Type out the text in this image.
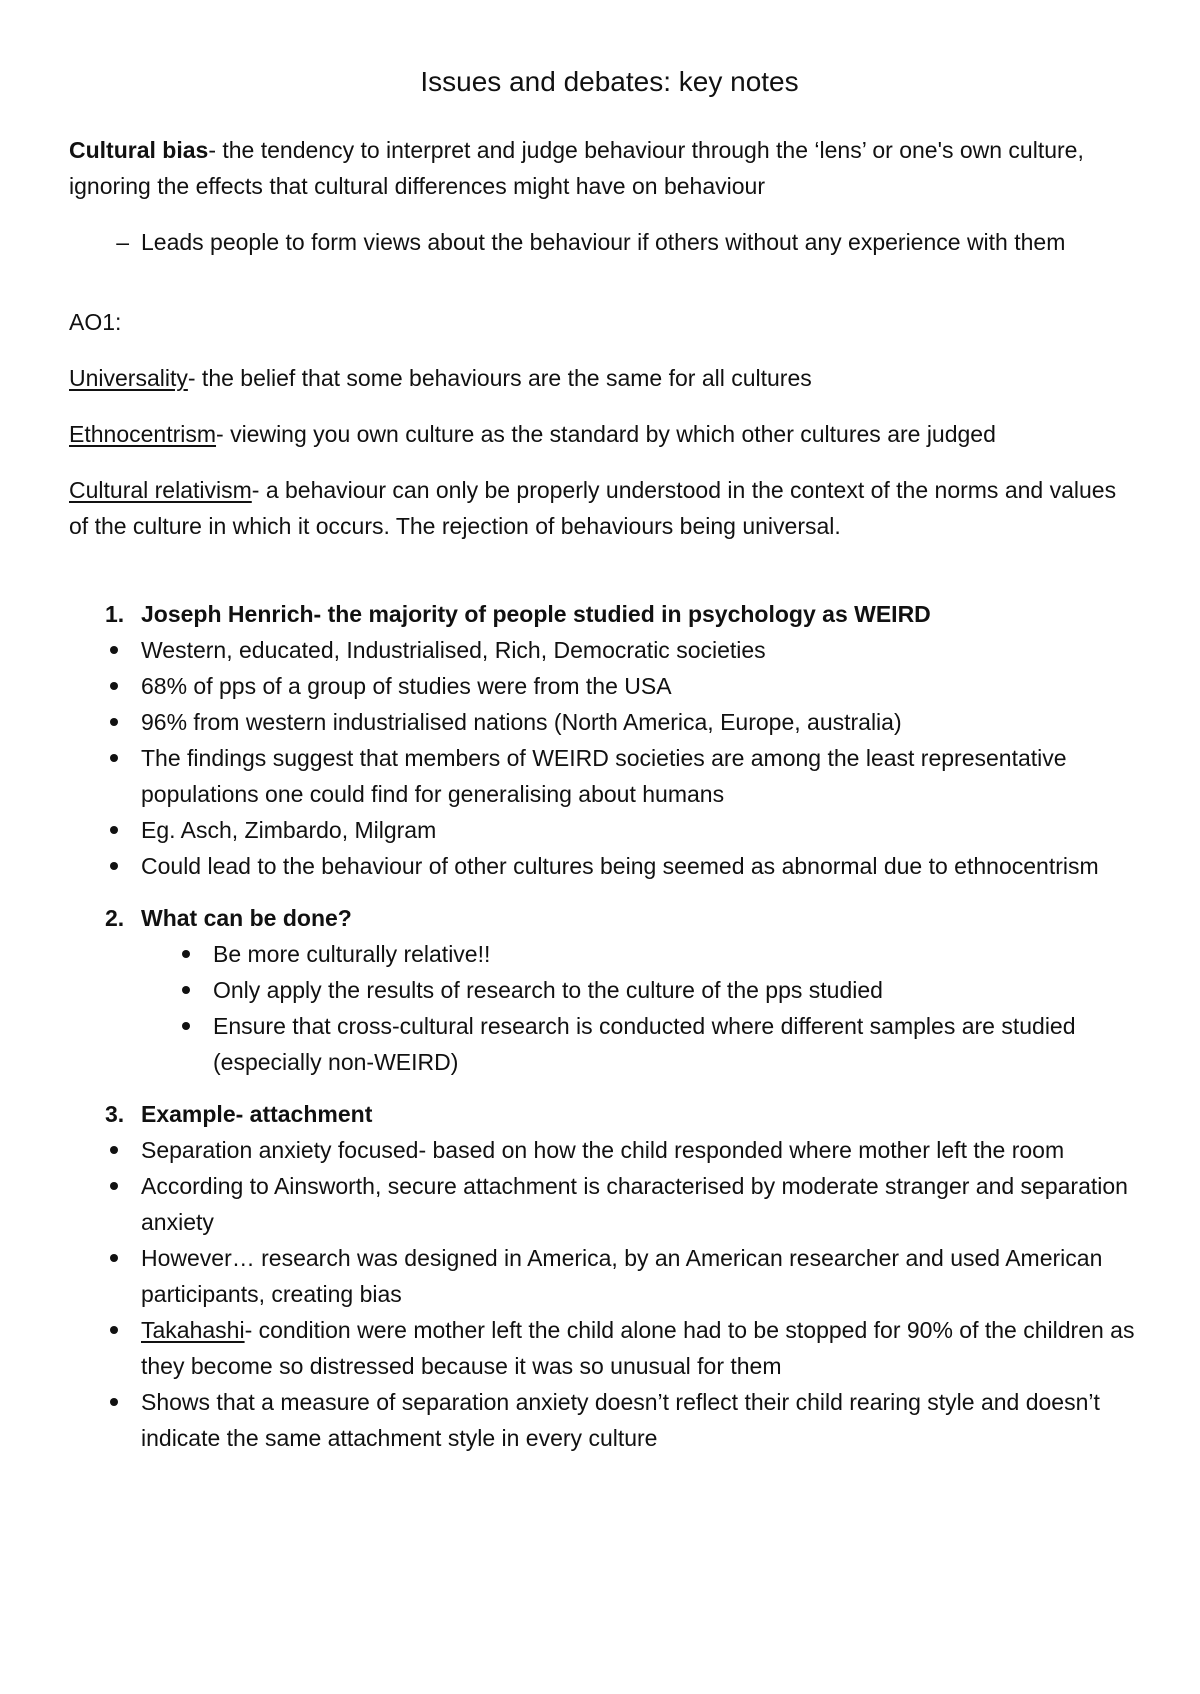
Issues and debates: key notes

Cultural bias- the tendency to interpret and judge behaviour through the ‘lens’ or one's own culture, ignoring the effects that cultural differences might have on behaviour

– Leads people to form views about the behaviour if others without any experience with them

AO1:

Universality- the belief that some behaviours are the same for all cultures

Ethnocentrism- viewing you own culture as the standard by which other cultures are judged

Cultural relativism- a behaviour can only be properly understood in the context of the norms and values of the culture in which it occurs. The rejection of behaviours being universal.

1. Joseph Henrich- the majority of people studied in psychology as WEIRD

Western, educated, Industrialised, Rich, Democratic societies
68% of pps of a group of studies were from the USA
96% from western industrialised nations (North America, Europe, australia)
The findings suggest that members of WEIRD societies are among the least representative populations one could find for generalising about humans
Eg. Asch, Zimbardo, Milgram
Could lead to the behaviour of other cultures being seemed as abnormal due to ethnocentrism

2. What can be done?

Be more culturally relative!!
Only apply the results of research to the culture of the pps studied
Ensure that cross-cultural research is conducted where different samples are studied (especially non-WEIRD)

3. Example- attachment

Separation anxiety focused- based on how the child responded where mother left the room
According to Ainsworth, secure attachment is characterised by moderate stranger and separation anxiety
However… research was designed in America, by an American researcher and used American participants, creating bias
Takahashi- condition were mother left the child alone had to be stopped for 90% of the children as they become so distressed because it was so unusual for them
Shows that a measure of separation anxiety doesn’t reflect their child rearing style and doesn’t indicate the same attachment style in every culture
